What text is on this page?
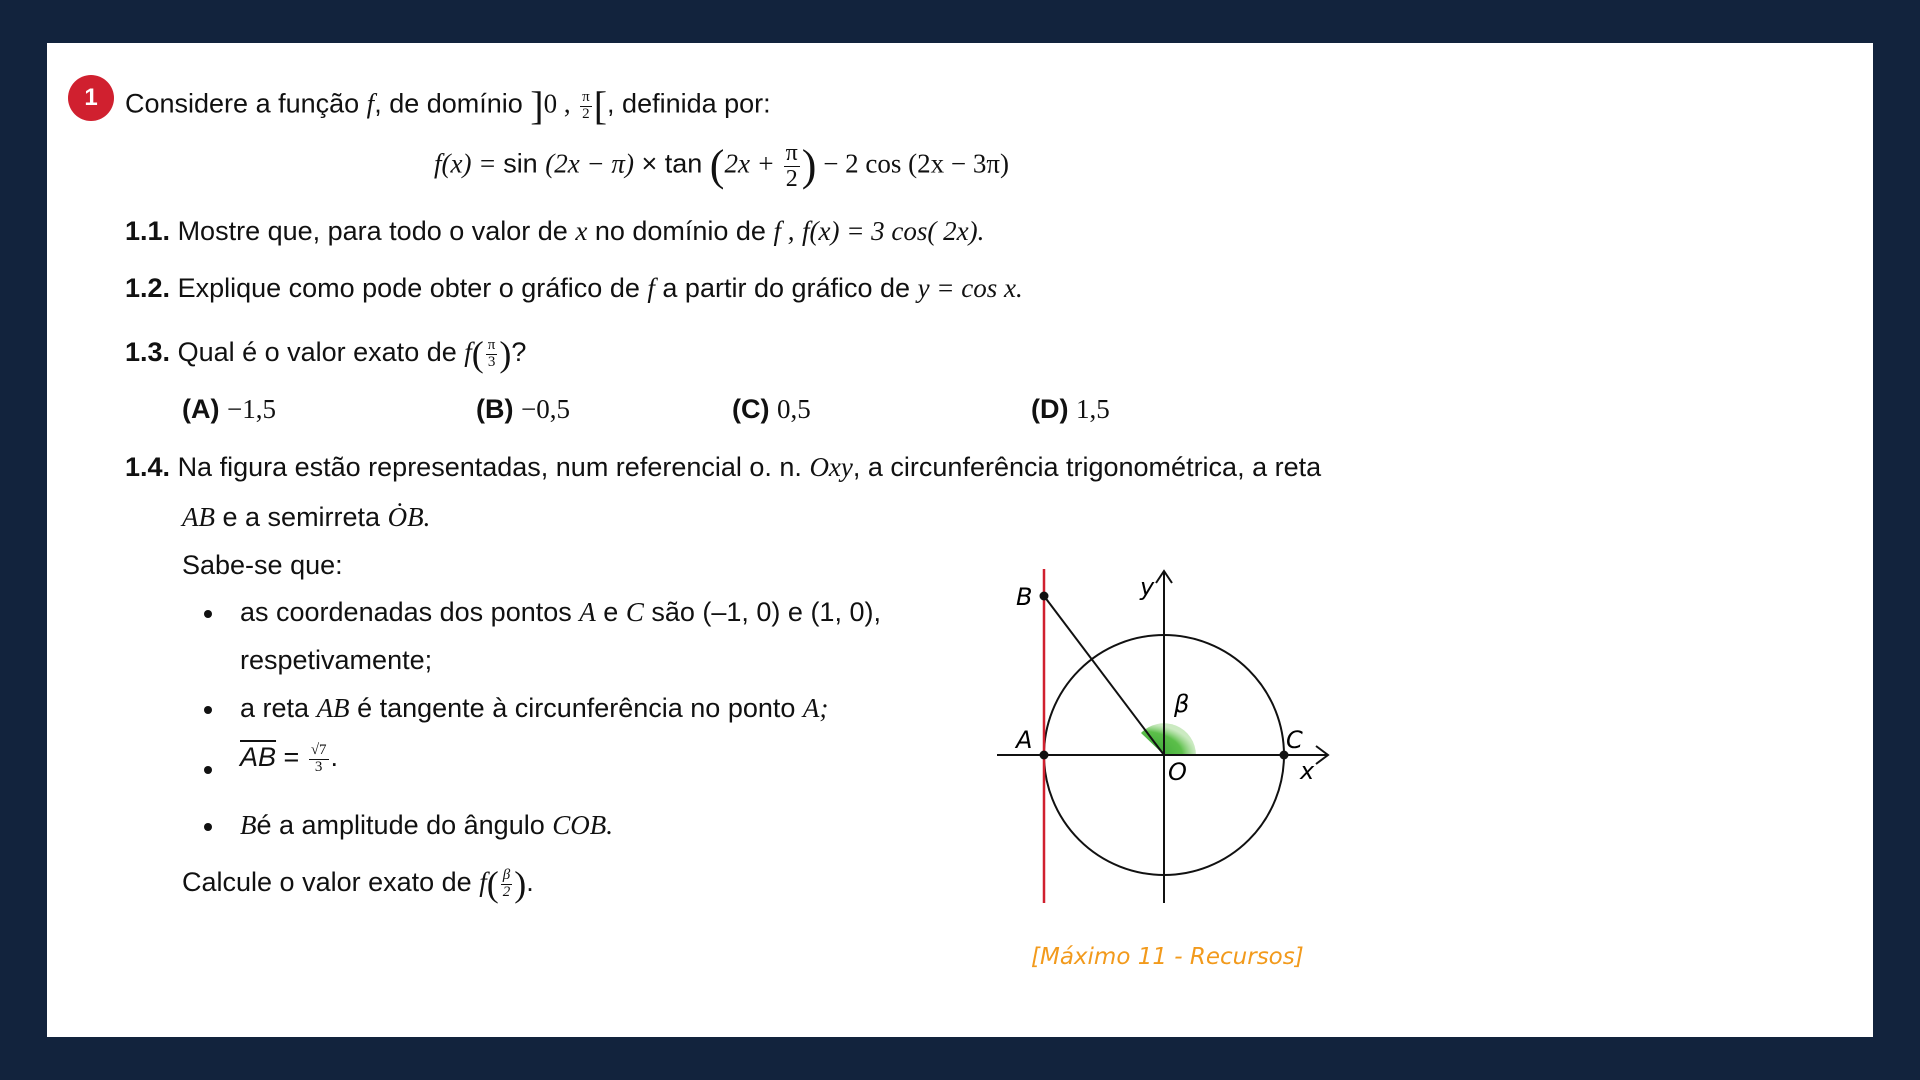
1	Considere a função f, de domínio ]0 , $\frac{\pi}{2}$ [, definida por:
$f(x) = \sin (2x - \pi) \times \tan (2x + \frac{\pi}{2}$ ) − 2 cos (2x − 3π)
1.1. Mostre que, para todo o valor de x no domínio de f , f(x) = 3 cos( 2x).
1.2. Explique como pode obter o gráfico de f a partir do gráfico de y = cos x.
1.3. Qual é o valor exato de $f( \frac{\pi}{3}$ )?
(A) −1,5	(B) −0,5	(C) 0,5	(D) 1,5
1.4. Na figura estão representadas, num referencial o. n. Oxy, a circunferência trigonométrica, a reta
AB e a semirreta ȮB.
Sabe-se que:
as coordenadas dos pontos A e C são (–1, 0) e (1, 0),
respetivamente;
a reta AB é tangente à circunferência no ponto A;
$\overline{AB} = \frac{√7}{3}$ .
Bé a amplitude do ângulo COB.
Calcule o valor exato de $f( \frac{\beta}{2}$ ).
B	y
β
A	C
O	x
[Máximo 11 - Recursos]
